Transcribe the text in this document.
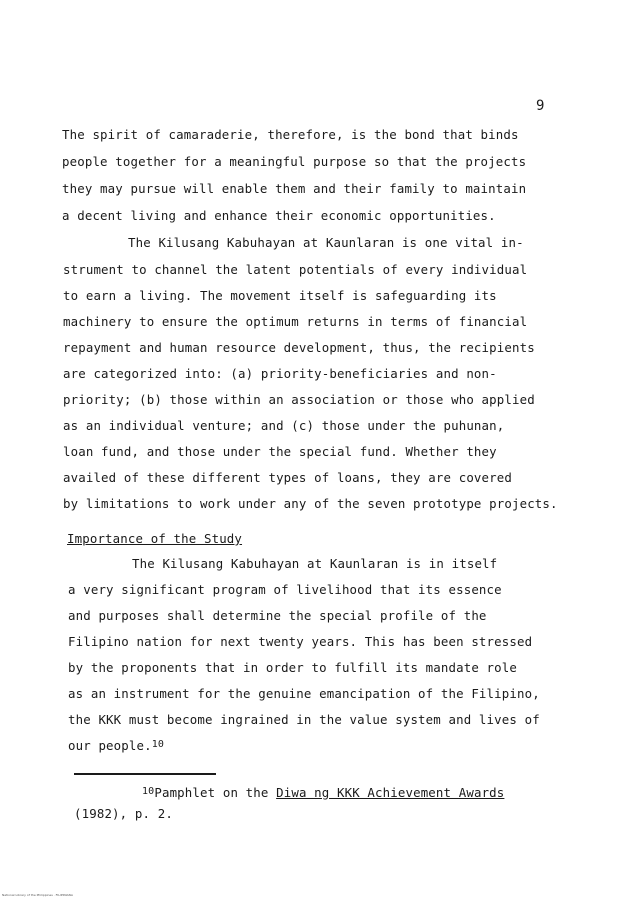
9
The spirit of camaraderie, therefore, is the bond that binds
people together for a meaningful purpose so that the projects
they may pursue will enable them and their family to maintain
a decent living and enhance their economic opportunities.
The Kilusang Kabuhayan at Kaunlaran is one vital in-
strument to channel the latent potentials of every individual
to earn a living. The movement itself is safeguarding its
machinery to ensure the optimum returns in terms of financial
repayment and human resource development, thus, the recipients
are categorized into: (a) priority-beneficiaries and non-
priority; (b) those within an association or those who applied
as an individual venture; and (c) those under the puhunan,
loan fund, and those under the special fund. Whether they
availed of these different types of loans, they are covered
by limitations to work under any of the seven prototype projects.
Importance of the Study
The Kilusang Kabuhayan at Kaunlaran is in itself
a very significant program of livelihood that its essence
and purposes shall determine the special profile of the
Filipino nation for next twenty years. This has been stressed
by the proponents that in order to fulfill its mandate role
as an instrument for the genuine emancipation of the Filipino,
the KKK must become ingrained in the value system and lives of
our people.$^{10}$
$^{10}$Pamphlet on the Diwa ng KKK Achievement Awards
(1982), p. 2.
National Library of the Philippines · FILIPINIANA
